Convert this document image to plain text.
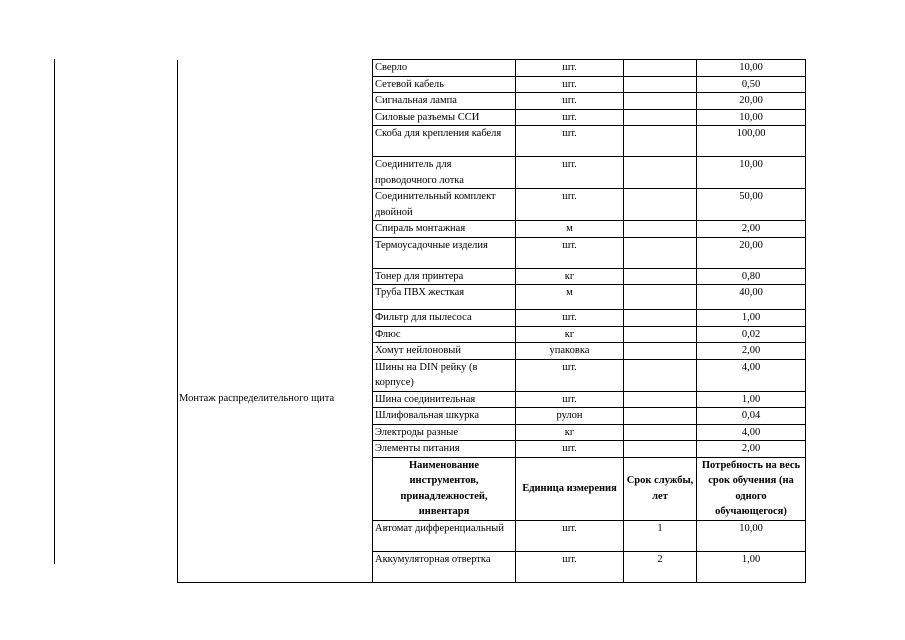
	Сверло	шт.		10,00
	Сетевой кабель	шт.		0,50
	Сигнальная лампа	шт.		20,00
	Силовые разъемы ССИ	шт.		10,00
	Скоба для крепления кабеля	шт.		100,00
	Соединитель для проводочного лотка	шт.		10,00
	Соединительный комплект двойной	шт.		50,00
	Спираль монтажная	м		2,00
	Термоусадочные изделия	шт.		20,00
	Тонер для принтера	кг		0,80
	Труба ПВХ жесткая	м		40,00
	Фильтр для пылесоса	шт.		1,00
	Флюс	кг		0,02
	Хомут нейлоновый	упаковка		2,00
	Шины на DIN рейку (в корпусе)	шт.		4,00
Монтаж распределительного щита	Шина соединительная	шт.		1,00
	Шлифовальная шкурка	рулон		0,04
	Электроды разные	кг		4,00
	Элементы питания	шт.		2,00
	Наименование инструментов, принадлежностей, инвентаря	Единица измерения	Срок службы, лет	Потребность на весь срок обучения (на одного обучающегося)
	Автомат дифференциальный	шт.	1	10,00
	Аккумуляторная отвертка	шт.	2	1,00
